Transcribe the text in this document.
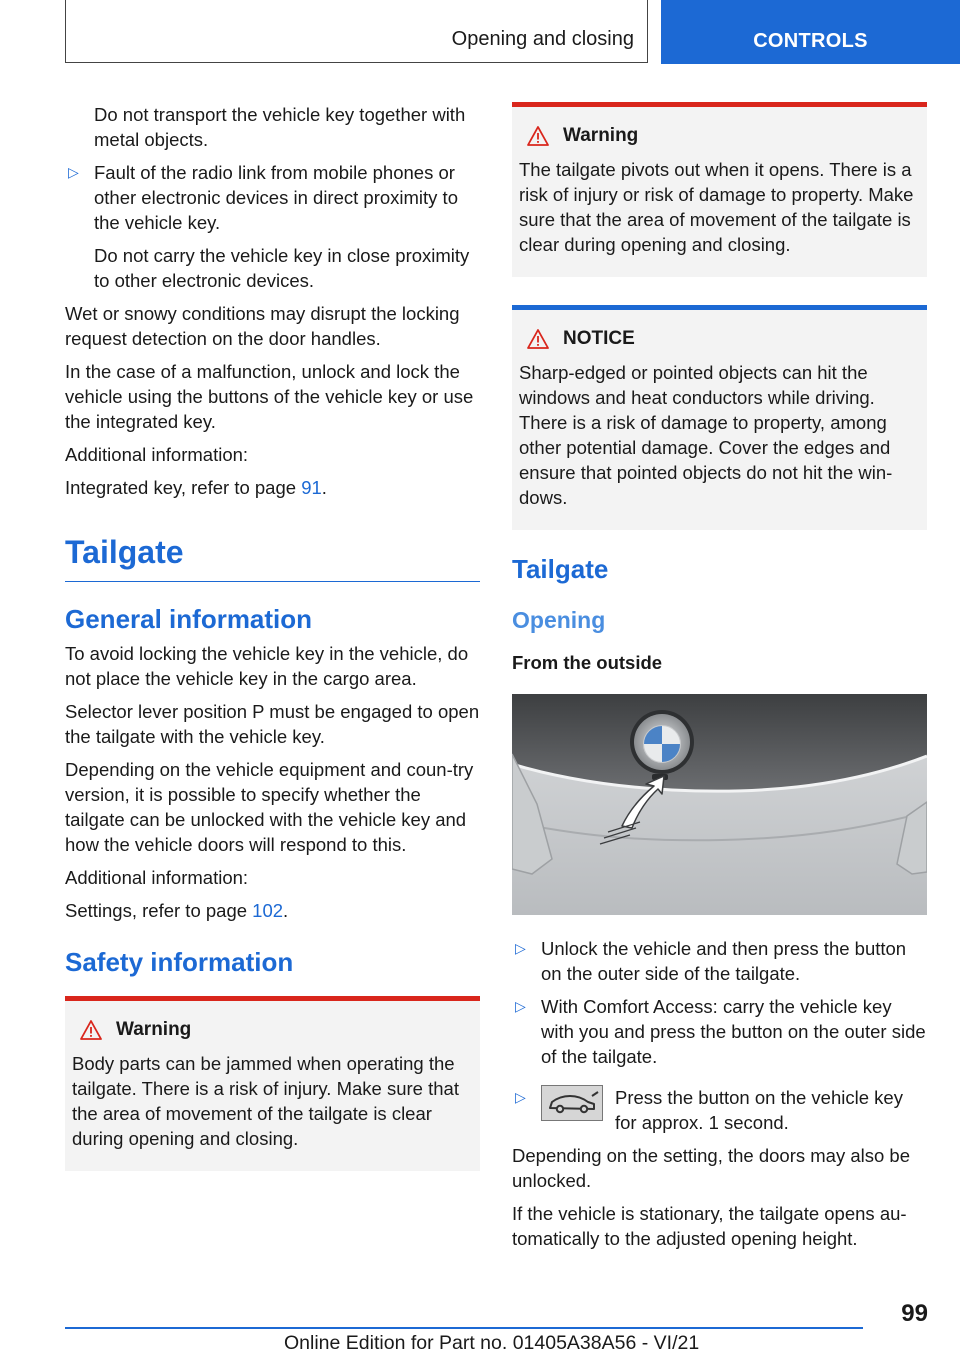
Opening and closing	CONTROLS

Do not transport the vehicle key together with metal objects.

▷ Fault of the radio link from mobile phones or other electronic devices in direct proximity to the vehicle key.

Do not carry the vehicle key in close proximity to other electronic devices.

Wet or snowy conditions may disrupt the locking request detection on the door handles.

In the case of a malfunction, unlock and lock the vehicle using the buttons of the vehicle key or use the integrated key.

Additional information:

Integrated key, refer to page 91.

Tailgate
General information

To avoid locking the vehicle key in the vehicle, do not place the vehicle key in the cargo area.

Selector lever position P must be engaged to open the tailgate with the vehicle key.

Depending on the vehicle equipment and coun-try version, it is possible to specify whether the tailgate can be unlocked with the vehicle key and how the vehicle doors will respond to this.

Additional information:

Settings, refer to page 102.

Safety information
Warning

Body parts can be jammed when operating the tailgate. There is a risk of injury. Make sure that the area of movement of the tailgate is clear during opening and closing.

Warning

The tailgate pivots out when it opens. There is a risk of injury or risk of damage to property. Make sure that the area of movement of the tailgate is clear during opening and closing.

NOTICE

Sharp-edged or pointed objects can hit the windows and heat conductors while driving. There is a risk of damage to property, among other potential damage. Cover the edges and ensure that pointed objects do not hit the win-dows.

Tailgate
Opening
From the outside

▷ Unlock the vehicle and then press the button on the outer side of the tailgate.

▷ With Comfort Access: carry the vehicle key with you and press the button on the outer side of the tailgate.

▷	Press the button on the vehicle key for approx. 1 second.

Depending on the setting, the doors may also be unlocked.

If the vehicle is stationary, the tailgate opens au-tomatically to the adjusted opening height.

99
Online Edition for Part no. 01405A38A56 - VI/21
